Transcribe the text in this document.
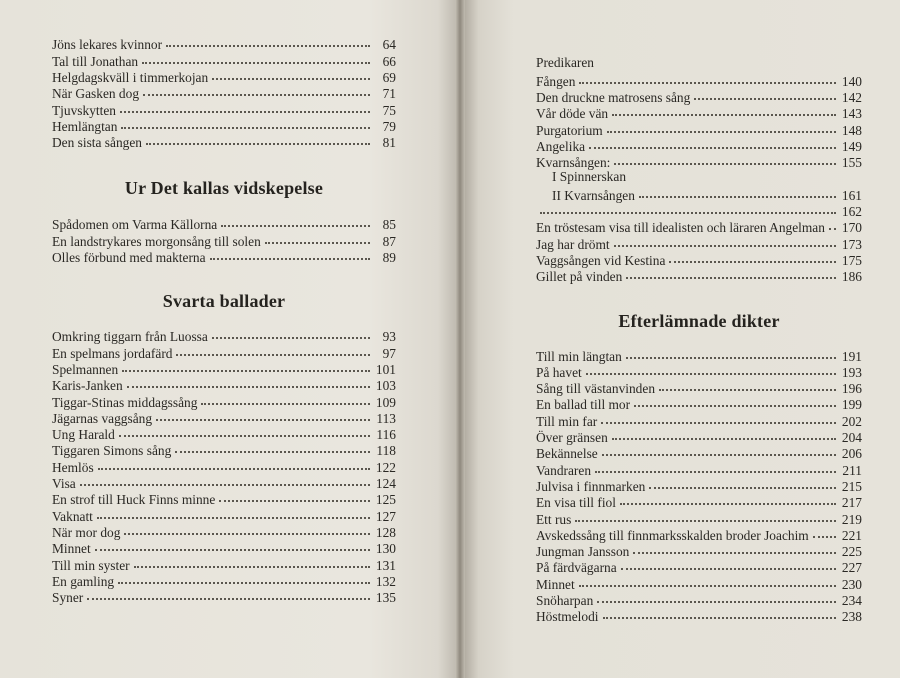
Jöns lekares kvinnor	64
Tal till Jonathan	66
Helgdagskväll i timmerkojan	69
När Gasken dog	71
Tjuvskytten	75
Hemlängtan	79
Den sista sången	81
Ur Det kallas vidskepelse
Spådomen om Varma Källorna	85
En landstrykares morgonsång till solen	87
Olles förbund med makterna	89
Svarta ballader
Omkring tiggarn från Luossa	93
En spelmans jordafärd	97
Spelmannen	101
Karis-Janken	103
Tiggar-Stinas middagssång	109
Jägarnas vaggsång	113
Ung Harald	116
Tiggaren Simons sång	118
Hemlös	122
Visa	124
En strof till Huck Finns minne	125
Vaknatt	127
När mor dog	128
Minnet	130
Till min syster	131
En gamling	132
Syner	135
Predikaren
Fången	140
Den druckne matrosens sång	142
Vår döde vän	143
Purgatorium	148
Angelika	149
Kvarnsången:	155
I Spinnerskan
II Kvarnsången	161
162
En tröstesam visa till idealisten och läraren Angelman 170
Jag har drömt	173
Vaggsången vid Kestina	175
Gillet på vinden	186
Efterlämnade dikter
Till min längtan	191
På havet	193
Sång till västanvinden	196
En ballad till mor	199
Till min far	202
Över gränsen	204
Bekännelse	206
Vandraren	211
Julvisa i finnmarken	215
En visa till fiol	217
Ett rus	219
Avskedssång till finnmarksskalden broder Joachim 221
Jungman Jansson	225
På färdvägarna	227
Minnet	230
Snöharpan	234
Höstmelodi	238
